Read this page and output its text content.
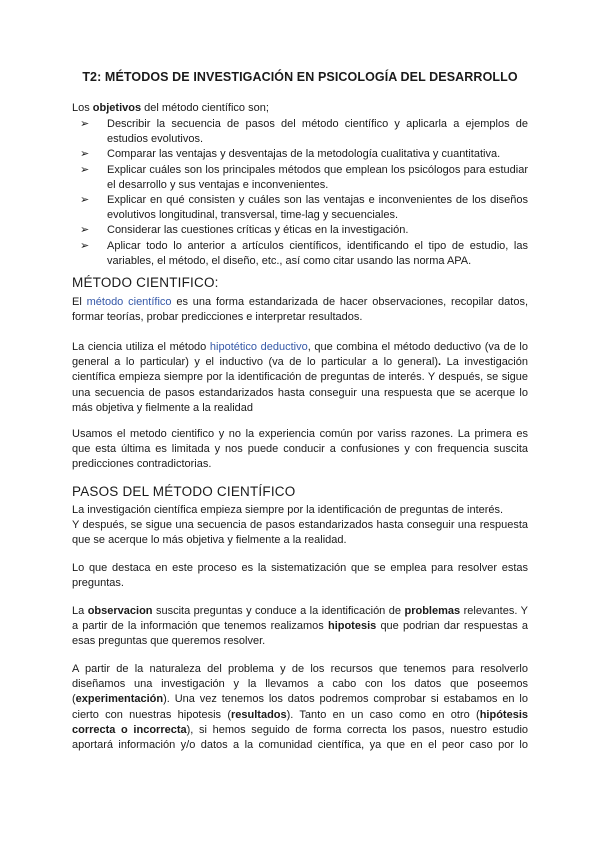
T2: MÉTODOS DE INVESTIGACIÓN EN PSICOLOGÍA DEL DESARROLLO

Los objetivos del método científico son;

➢ Describir la secuencia de pasos del método científico y aplicarla a ejemplos de estudios evolutivos.
➢ Comparar las ventajas y desventajas de la metodología cualitativa y cuantitativa.
➢ Explicar cuáles son los principales métodos que emplean los psicólogos para estudiar el desarrollo y sus ventajas e inconvenientes.
➢ Explicar en qué consisten y cuáles son las ventajas e inconvenientes de los diseños evolutivos longitudinal, transversal, time-lag y secuenciales.
➢ Considerar las cuestiones críticas y éticas en la investigación.
➢ Aplicar todo lo anterior a artículos científicos, identificando el tipo de estudio, las variables, el método, el diseño, etc., así como citar usando las norma APA.
MÉTODO CIENTIFICO:

El método científico es una forma estandarizada de hacer observaciones, recopilar datos, formar teorías, probar predicciones e interpretar resultados.

La ciencia utiliza el método hipotético deductivo, que combina el método deductivo (va de lo general a lo particular) y el inductivo (va de lo particular a lo general). La investigación científica empieza siempre por la identificación de preguntas de interés. Y después, se sigue una secuencia de pasos estandarizados hasta conseguir una respuesta que se acerque lo más objetiva y fielmente a la realidad

Usamos el metodo cientifico y no la experiencia común por variss razones. La primera es que esta última es limitada y nos puede conducir a confusiones y con frequencia suscita predicciones contradictorias.

PASOS DEL MÉTODO CIENTÍFICO

La investigación científica empieza siempre por la identificación de preguntas de interés.
Y después, se sigue una secuencia de pasos estandarizados hasta conseguir una respuesta que se acerque lo más objetiva y fielmente a la realidad.

Lo que destaca en este proceso es la sistematización que se emplea para resolver estas preguntas.

La observacion suscita preguntas y conduce a la identificación de problemas relevantes. Y a partir de la información que tenemos realizamos hipotesis que podrian dar respuestas a esas preguntas que queremos resolver.

A partir de la naturaleza del problema y de los recursos que tenemos para resolverlo diseñamos una investigación y la llevamos a cabo con los datos que poseemos (experimentación). Una vez tenemos los datos podremos comprobar si estabamos en lo cierto con nuestras hipotesis (resultados). Tanto en un caso como en otro (hipótesis correcta o incorrecta), si hemos seguido de forma correcta los pasos, nuestro estudio aportará información y/o datos a la comunidad científica, ya que en el peor caso por lo
